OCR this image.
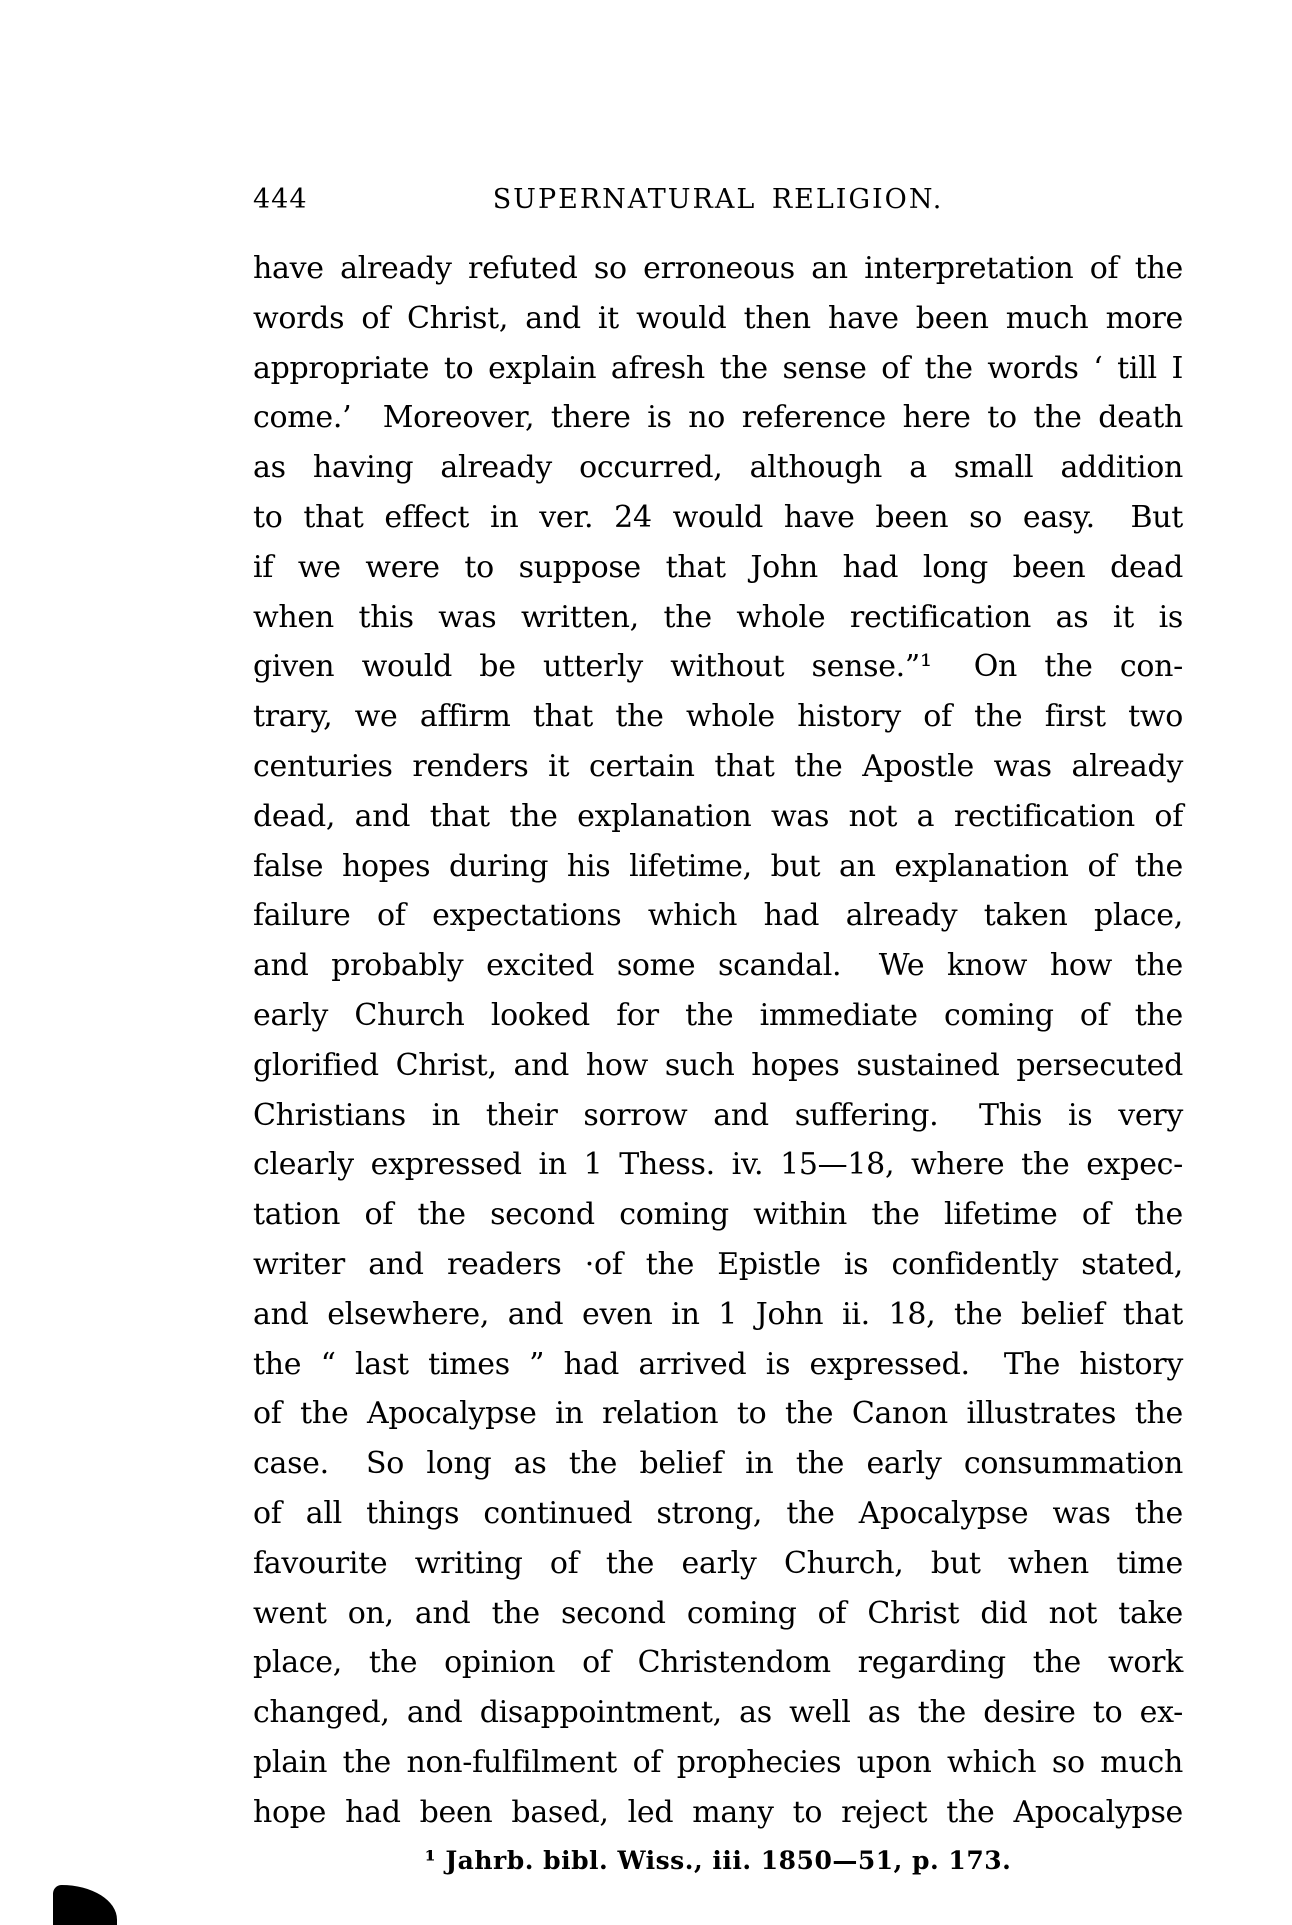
444	SUPERNATURAL RELIGION.
have already refuted so erroneous an interpretation of the
words of Christ, and it would then have been much more
appropriate to explain afresh the sense of the words ‘ till I
come.’  Moreover, there is no reference here to the death
as having already occurred, although a small addition
to that effect in ver. 24 would have been so easy.  But
if we were to suppose that John had long been dead
when this was written, the whole rectification as it is
given would be utterly without sense.”¹  On the con-
trary, we affirm that the whole history of the first two
centuries renders it certain that the Apostle was already
dead, and that the explanation was not a rectification of
false hopes during his lifetime, but an explanation of the
failure of expectations which had already taken place,
and probably excited some scandal.  We know how the
early Church looked for the immediate coming of the
glorified Christ, and how such hopes sustained persecuted
Christians in their sorrow and suffering.  This is very
clearly expressed in 1 Thess. iv. 15—18, where the expec-
tation of the second coming within the lifetime of the
writer and readers ·of the Epistle is confidently stated,
and elsewhere, and even in 1 John ii. 18, the belief that
the “ last times ” had arrived is expressed.  The history
of the Apocalypse in relation to the Canon illustrates the
case.  So long as the belief in the early consummation
of all things continued strong, the Apocalypse was the
favourite writing of the early Church, but when time
went on, and the second coming of Christ did not take
place, the opinion of Christendom regarding the work
changed, and disappointment, as well as the desire to ex-
plain the non-fulfilment of prophecies upon which so much
hope had been based, led many to reject the Apocalypse
¹ Jahrb. bibl. Wiss., iii. 1850—51, p. 173.
